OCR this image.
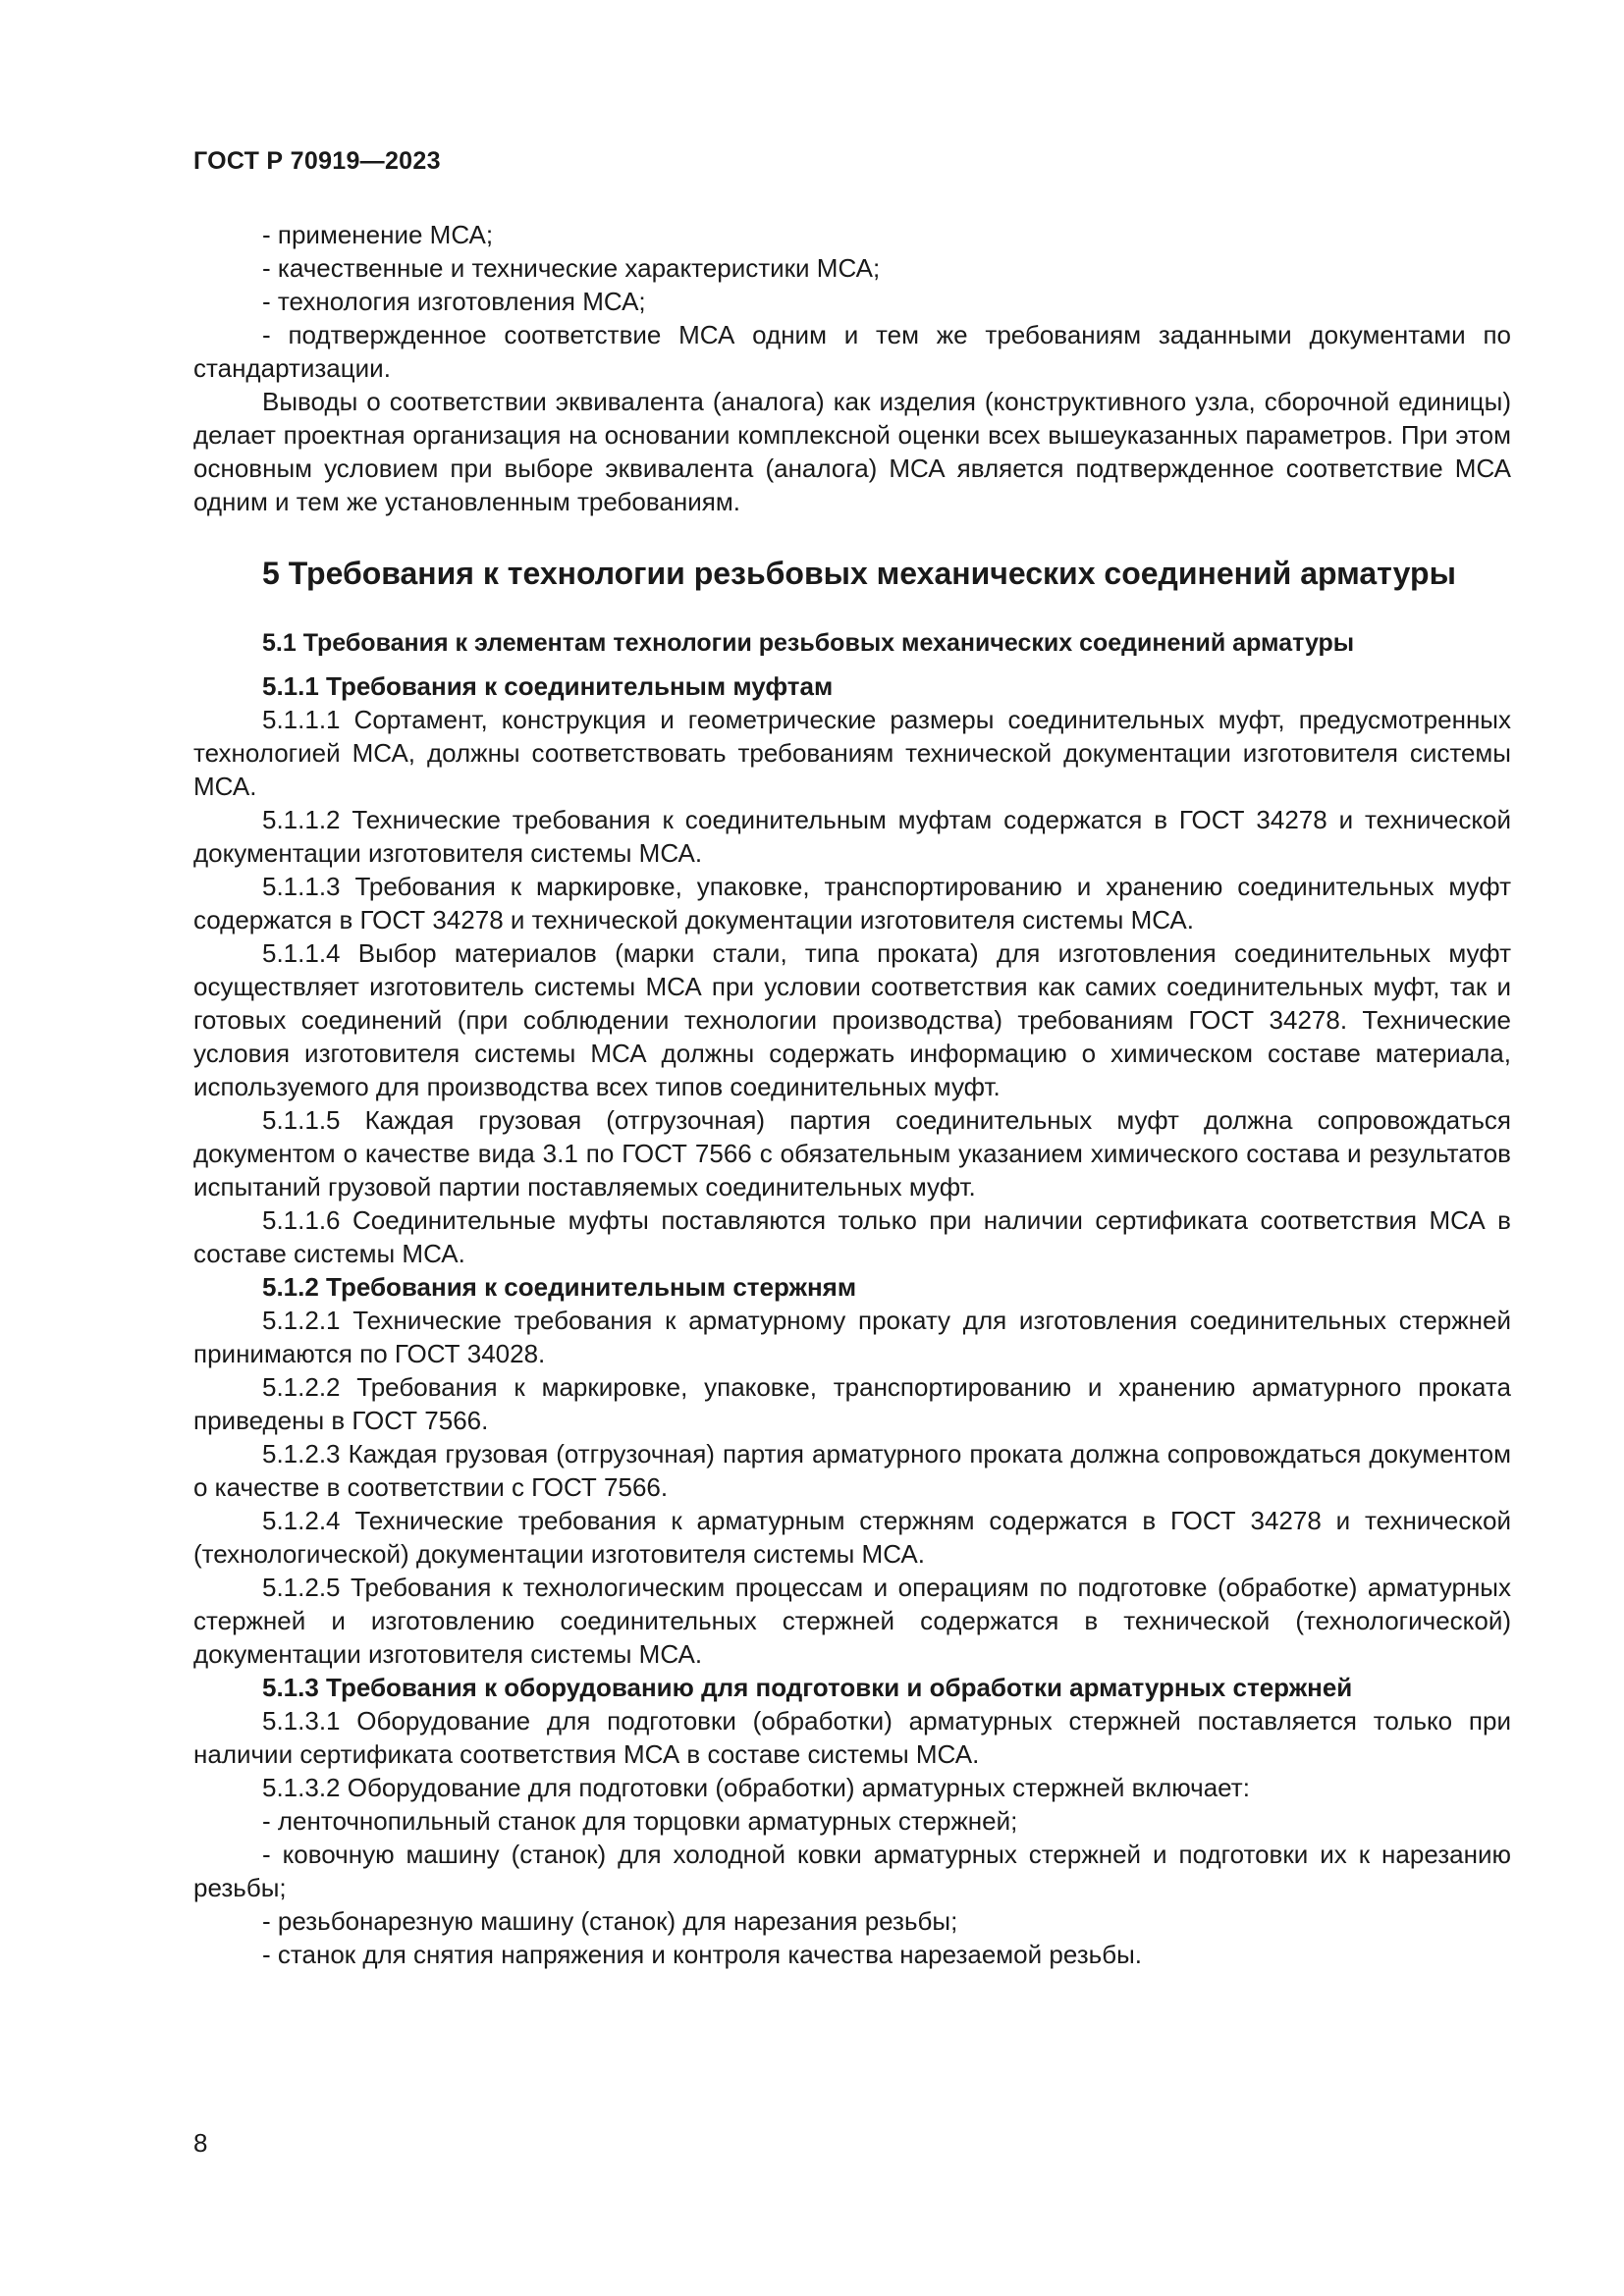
ГОСТ Р 70919—2023

- применение МСА;

- качественные и технические характеристики МСА;

- технология изготовления МСА;

- подтвержденное соответствие МСА одним и тем же требованиям заданными документами по стандартизации.

Выводы о соответствии эквивалента (аналога) как изделия (конструктивного узла, сборочной единицы) делает проектная организация на основании комплексной оценки всех вышеуказанных параметров. При этом основным условием при выборе эквивалента (аналога) МСА является подтвержденное соответствие МСА одним и тем же установленным требованиям.

5 Требования к технологии резьбовых механических соединений арматуры
5.1 Требования к элементам технологии резьбовых механических соединений арматуры

5.1.1 Требования к соединительным муфтам

5.1.1.1 Сортамент, конструкция и геометрические размеры соединительных муфт, предусмотренных технологией МСА, должны соответствовать требованиям технической документации изготовителя системы МСА.

5.1.1.2 Технические требования к соединительным муфтам содержатся в ГОСТ 34278 и технической документации изготовителя системы МСА.

5.1.1.3 Требования к маркировке, упаковке, транспортированию и хранению соединительных муфт содержатся в ГОСТ 34278 и технической документации изготовителя системы МСА.

5.1.1.4 Выбор материалов (марки стали, типа проката) для изготовления соединительных муфт осуществляет изготовитель системы МСА при условии соответствия как самих соединительных муфт, так и готовых соединений (при соблюдении технологии производства) требованиям ГОСТ 34278. Технические условия изготовителя системы МСА должны содержать информацию о химическом составе материала, используемого для производства всех типов соединительных муфт.

5.1.1.5 Каждая грузовая (отгрузочная) партия соединительных муфт должна сопровождаться документом о качестве вида 3.1 по ГОСТ 7566 с обязательным указанием химического состава и результатов испытаний грузовой партии поставляемых соединительных муфт.

5.1.1.6 Соединительные муфты поставляются только при наличии сертификата соответствия МСА в составе системы МСА.

5.1.2 Требования к соединительным стержням

5.1.2.1 Технические требования к арматурному прокату для изготовления соединительных стержней принимаются по ГОСТ 34028.

5.1.2.2 Требования к маркировке, упаковке, транспортированию и хранению арматурного проката приведены в ГОСТ 7566.

5.1.2.3 Каждая грузовая (отгрузочная) партия арматурного проката должна сопровождаться документом о качестве в соответствии с ГОСТ 7566.

5.1.2.4 Технические требования к арматурным стержням содержатся в ГОСТ 34278 и технической (технологической) документации изготовителя системы МСА.

5.1.2.5 Требования к технологическим процессам и операциям по подготовке (обработке) арматурных стержней и изготовлению соединительных стержней содержатся в технической (технологической) документации изготовителя системы МСА.

5.1.3 Требования к оборудованию для подготовки и обработки арматурных стержней

5.1.3.1 Оборудование для подготовки (обработки) арматурных стержней поставляется только при наличии сертификата соответствия МСА в составе системы МСА.

5.1.3.2 Оборудование для подготовки (обработки) арматурных стержней включает:

- ленточнопильный станок для торцовки арматурных стержней;

- ковочную машину (станок) для холодной ковки арматурных стержней и подготовки их к нарезанию резьбы;

- резьбонарезную машину (станок) для нарезания резьбы;

- станок для снятия напряжения и контроля качества нарезаемой резьбы.

8
